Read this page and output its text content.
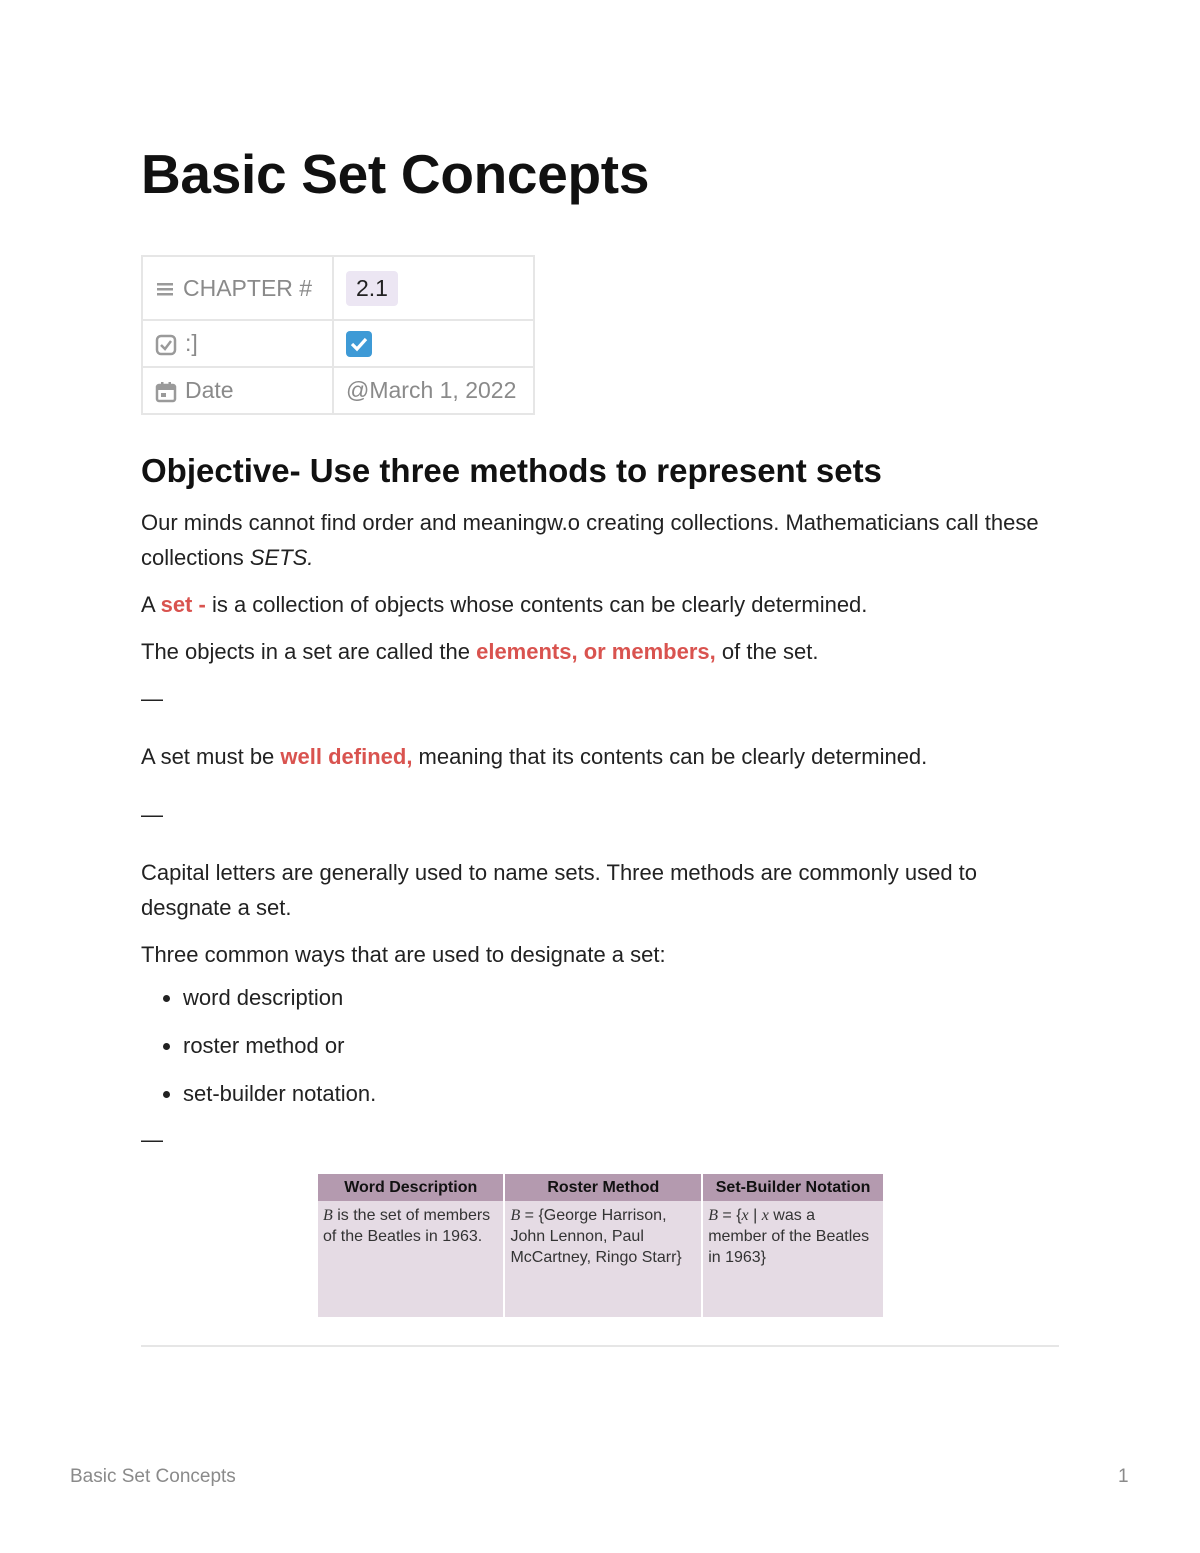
Basic Set Concepts
CHAPTER #	2.1
:]	

Date	@March 1, 2022
Objective- Use three methods to represent sets

Our minds cannot find order and meaningw.o creating collections. Mathematicians call these collections SETS.

A set - is a collection of objects whose contents can be clearly determined.

The objects in a set are called the elements, or members, of the set.

—

A set must be well defined, meaning that its contents can be clearly determined.

—

Capital letters are generally used to name sets. Three methods are commonly used to desgnate a set.

Three common ways that are used to designate a set:

• word description
• roster method or
• set-builder notation.

—

Word Description	Roster Method	Set-Builder Notation
B is the set of members of the Beatles in 1963.	B = {George Harrison, John Lennon, Paul McCartney, Ringo Starr}	B = {x | x was a member of the Beatles in 1963}
Basic Set Concepts	1
